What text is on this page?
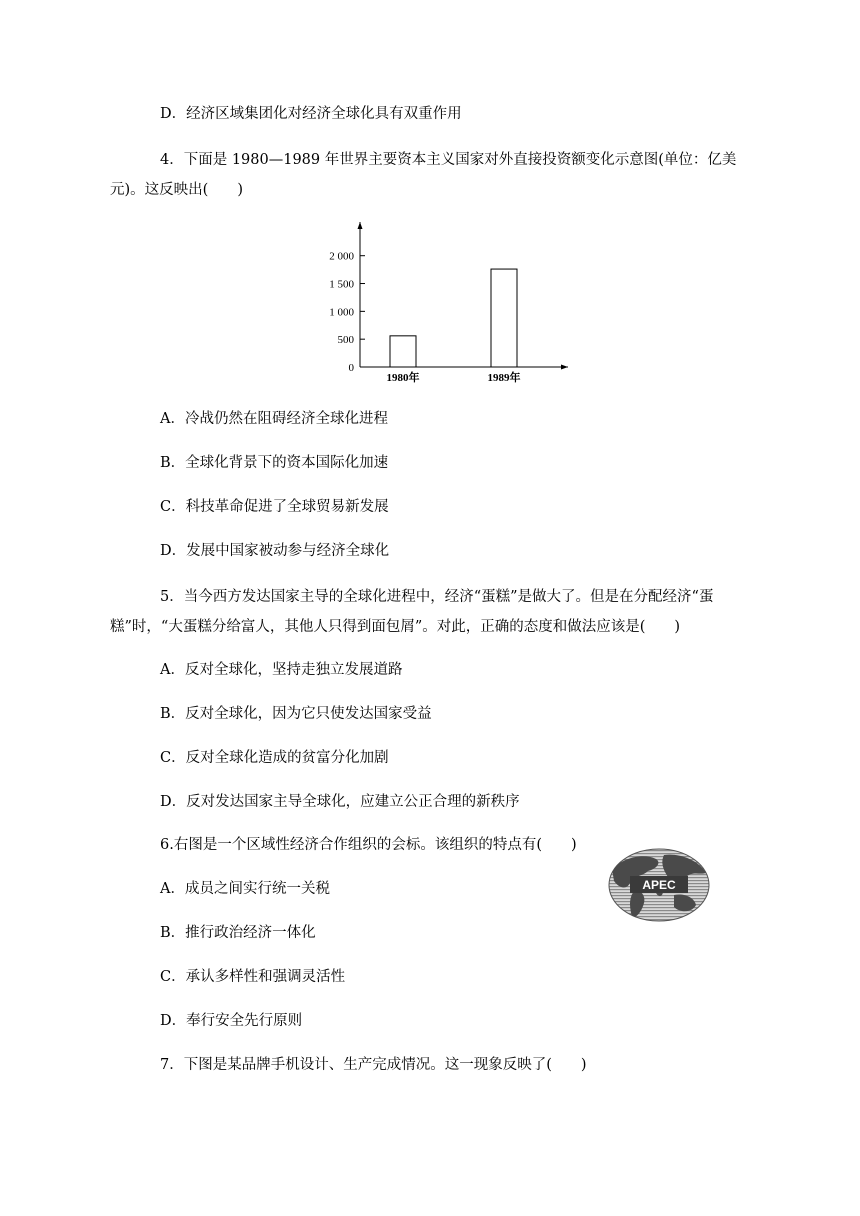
D．经济区域集团化对经济全球化具有双重作用
4．下面是 1980—1989 年世界主要资本主义国家对外直接投资额变化示意图(单位：亿美
元)。这反映出(　　)
0
500
1 000
1 500
2 000
1980年	1989年
A．冷战仍然在阻碍经济全球化进程
B．全球化背景下的资本国际化加速
C．科技革命促进了全球贸易新发展
D．发展中国家被动参与经济全球化
5．当今西方发达国家主导的全球化进程中，经济“蛋糕”是做大了。但是在分配经济“蛋
糕”时，“大蛋糕分给富人，其他人只得到面包屑”。对此，正确的态度和做法应该是(　　)
A．反对全球化，坚持走独立发展道路
B．反对全球化，因为它只使发达国家受益
C．反对全球化造成的贫富分化加剧
D．反对发达国家主导全球化，应建立公正合理的新秩序
6.右图是一个区域性经济合作组织的会标。该组织的特点有(　　)
A．成员之间实行统一关税
B．推行政治经济一体化
C．承认多样性和强调灵活性
D．奉行安全先行原则
APEC
7．下图是某品牌手机设计、生产完成情况。这一现象反映了(　　)
